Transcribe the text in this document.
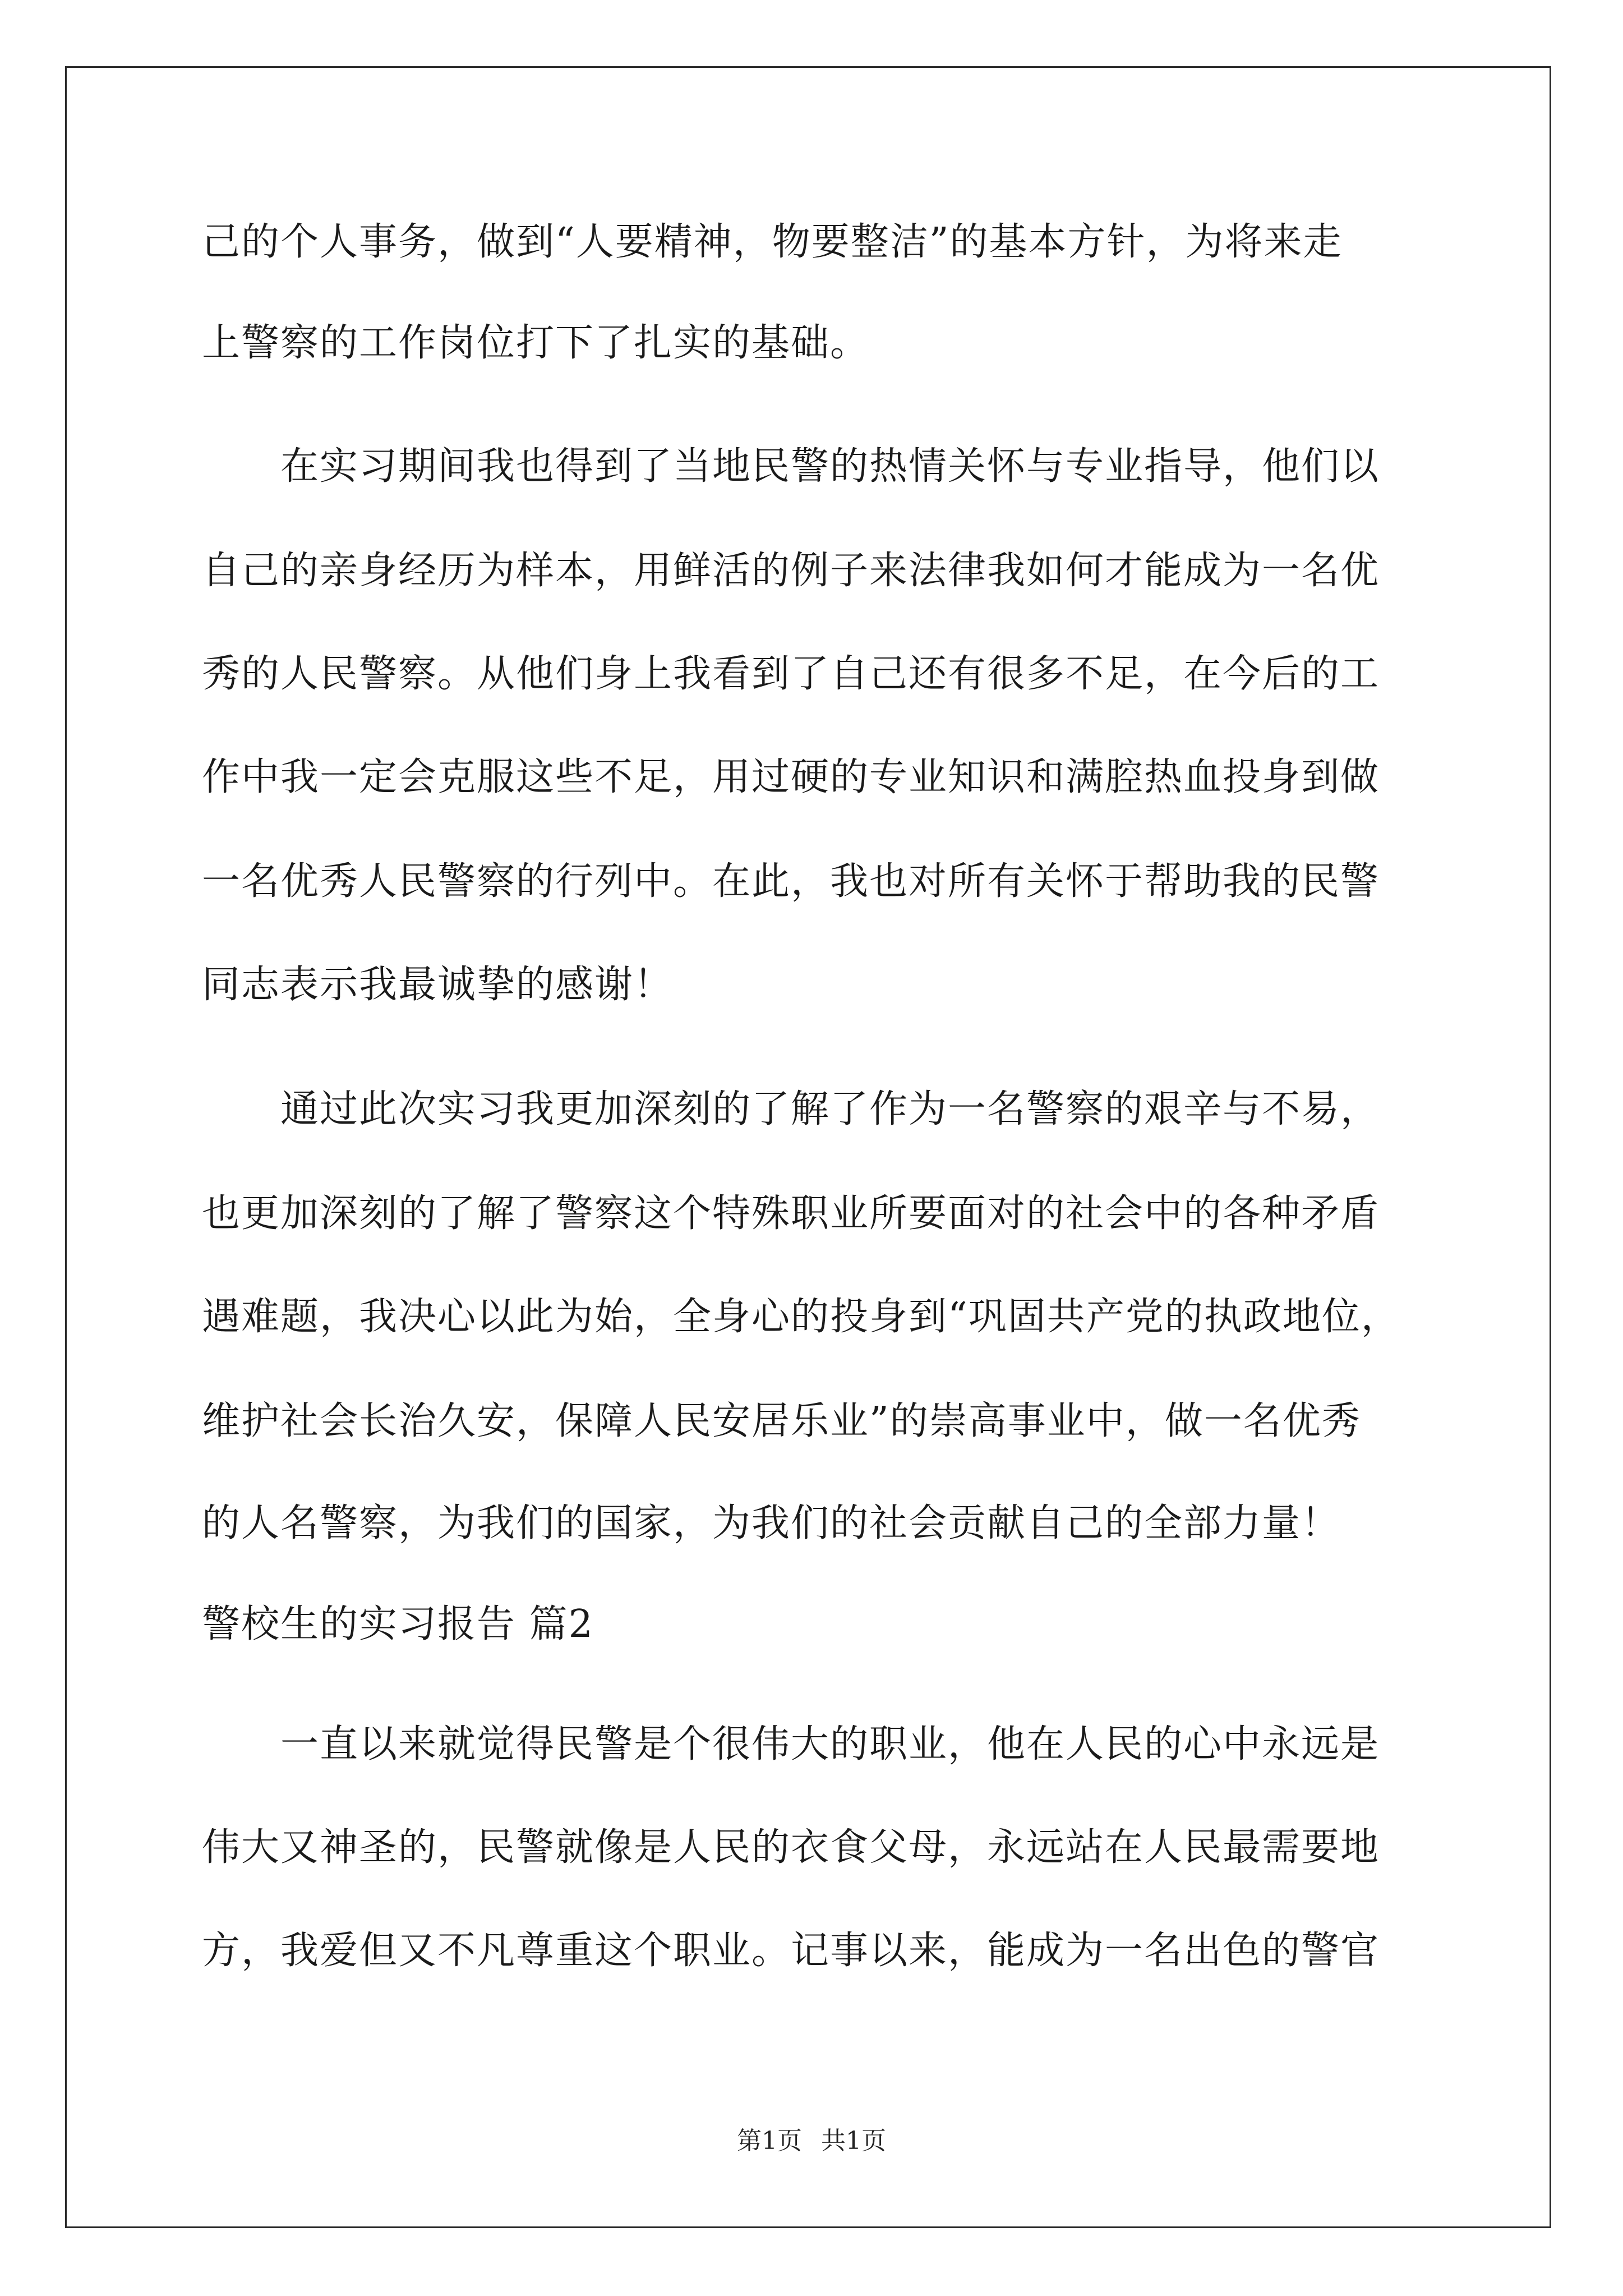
己的个人事务，做到“人要精神，物要整洁”的基本方针，为将来走
上警察的工作岗位打下了扎实的基础。
在实习期间我也得到了当地民警的热情关怀与专业指导，他们以
自己的亲身经历为样本，用鲜活的例子来法律我如何才能成为一名优
秀的人民警察。从他们身上我看到了自己还有很多不足，在今后的工
作中我一定会克服这些不足，用过硬的专业知识和满腔热血投身到做
一名优秀人民警察的行列中。在此，我也对所有关怀于帮助我的民警
同志表示我最诚挚的感谢！
通过此次实习我更加深刻的了解了作为一名警察的艰辛与不易，
也更加深刻的了解了警察这个特殊职业所要面对的社会中的各种矛盾
遇难题，我决心以此为始，全身心的投身到“巩固共产党的执政地位，
维护社会长治久安，保障人民安居乐业”的崇高事业中，做一名优秀
的人名警察，为我们的国家，为我们的社会贡献自己的全部力量！
警校生的实习报告 篇2
一直以来就觉得民警是个很伟大的职业，他在人民的心中永远是
伟大又神圣的，民警就像是人民的衣食父母，永远站在人民最需要地
方，我爱但又不凡尊重这个职业。记事以来，能成为一名出色的警官
第1页 共1页
